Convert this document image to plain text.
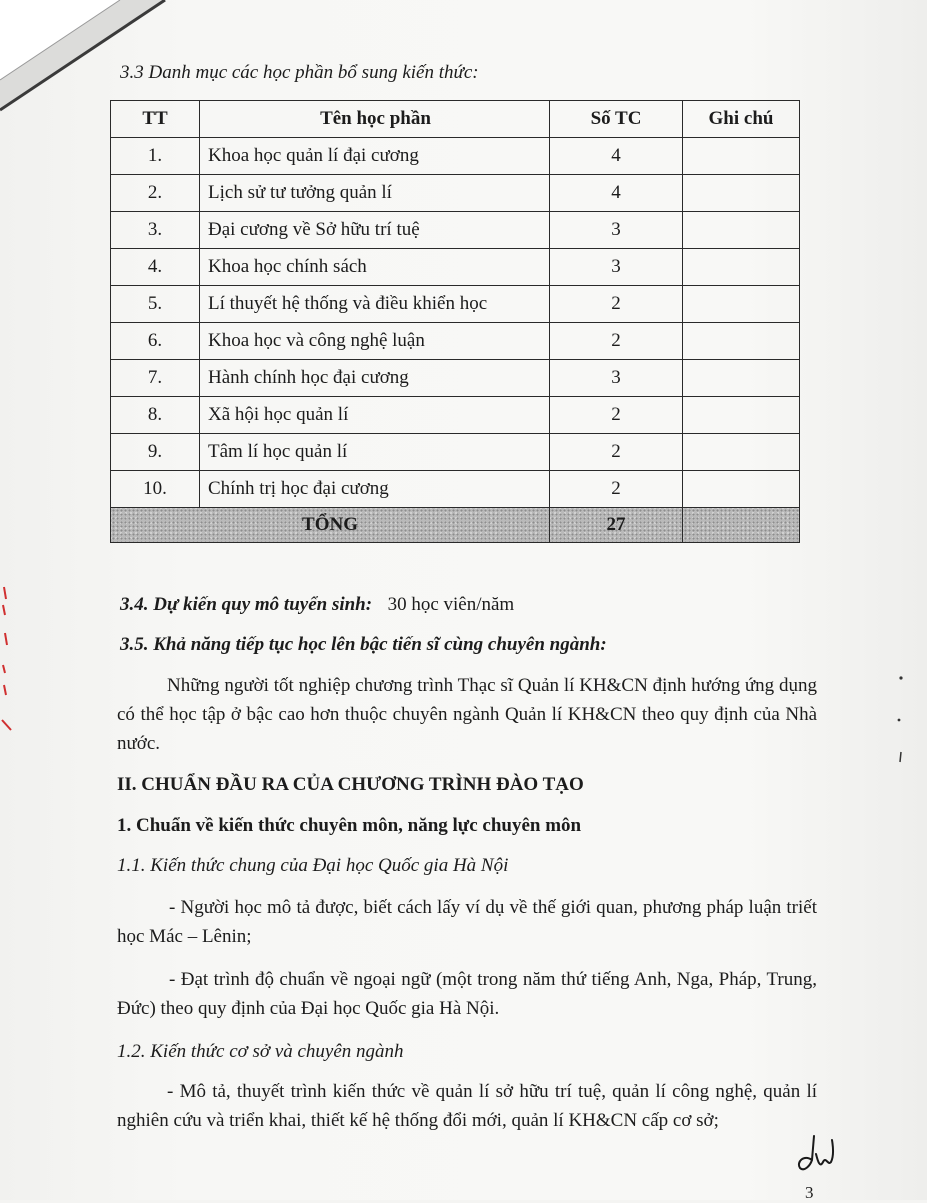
3.3 Danh mục các học phần bổ sung kiến thức:
TT	Tên học phần	Số TC	Ghi chú
1.	Khoa học quản lí đại cương	4	
2.	Lịch sử tư tưởng quản lí	4	
3.	Đại cương về Sở hữu trí tuệ	3	
4.	Khoa học chính sách	3	
5.	Lí thuyết hệ thống và điều khiển học	2	
6.	Khoa học và công nghệ luận	2	
7.	Hành chính học đại cương	3	
8.	Xã hội học quản lí	2	
9.	Tâm lí học quản lí	2	
10.	Chính trị học đại cương	2	
TỔNG		27	
3.4. Dự kiến quy mô tuyển sinh: 30 học viên/năm
3.5. Khả năng tiếp tục học lên bậc tiến sĩ cùng chuyên ngành:
Những người tốt nghiệp chương trình Thạc sĩ Quản lí KH&CN định hướng ứng dụng có thể học tập ở bậc cao hơn thuộc chuyên ngành Quản lí KH&CN theo quy định của Nhà nước.
II. CHUẨN ĐẦU RA CỦA CHƯƠNG TRÌNH ĐÀO TẠO
1. Chuẩn về kiến thức chuyên môn, năng lực chuyên môn
1.1. Kiến thức chung của Đại học Quốc gia Hà Nội
- Người học mô tả được, biết cách lấy ví dụ về thế giới quan, phương pháp luận triết học Mác – Lênin;
- Đạt trình độ chuẩn về ngoại ngữ (một trong năm thứ tiếng Anh, Nga, Pháp, Trung, Đức) theo quy định của Đại học Quốc gia Hà Nội.
1.2. Kiến thức cơ sở và chuyên ngành
- Mô tả, thuyết trình kiến thức về quản lí sở hữu trí tuệ, quản lí công nghệ, quản lí nghiên cứu và triển khai, thiết kế hệ thống đổi mới, quản lí KH&CN cấp cơ sở;
3
